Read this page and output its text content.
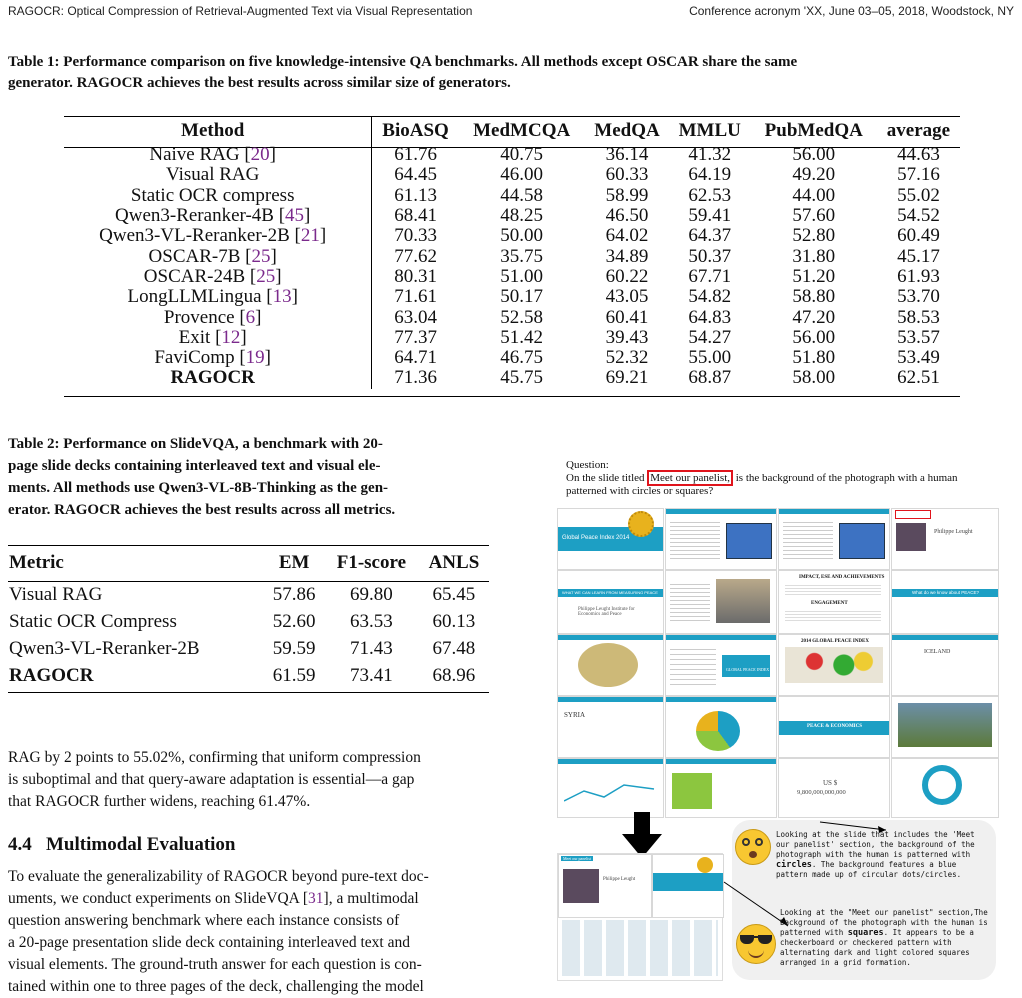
RAGOCR: Optical Compression of Retrieval-Augmented Text via Visual Representation	Conference acronym 'XX, June 03–05, 2018, Woodstock, NY
Table 1: Performance comparison on five knowledge-intensive QA benchmarks. All methods except OSCAR share the same
generator. RAGOCR achieves the best results across similar size of generators.
Method	BioASQ	MedMCQA	MedQA	MMLU	PubMedQA	average
Naive RAG [20]	61.76	40.75	36.14	41.32	56.00	44.63
Visual RAG	64.45	46.00	60.33	64.19	49.20	57.16
Static OCR compress	61.13	44.58	58.99	62.53	44.00	55.02
Qwen3-Reranker-4B [45]	68.41	48.25	46.50	59.41	57.60	54.52
Qwen3-VL-Reranker-2B [21]	70.33	50.00	64.02	64.37	52.80	60.49
OSCAR-7B [25]	77.62	35.75	34.89	50.37	31.80	45.17
OSCAR-24B [25]	80.31	51.00	60.22	67.71	51.20	61.93
LongLLMLingua [13]	71.61	50.17	43.05	54.82	58.80	53.70
Provence [6]	63.04	52.58	60.41	64.83	47.20	58.53
Exit [12]	77.37	51.42	39.43	54.27	56.00	53.57
FaviComp [19]	64.71	46.75	52.32	55.00	51.80	53.49
RAGOCR	71.36	45.75	69.21	68.87	58.00	62.51
Table 2: Performance on SlideVQA, a benchmark with 20-
page slide decks containing interleaved text and visual ele-
ments. All methods use Qwen3-VL-8B-Thinking as the gen-
erator. RAGOCR achieves the best results across all metrics.
Metric	EM	F1-score	ANLS
Visual RAG	57.86	69.80	65.45
Static OCR Compress	52.60	63.53	60.13
Qwen3-VL-Reranker-2B	59.59	71.43	67.48
RAGOCR	61.59	73.41	68.96
RAG by 2 points to 55.02%, confirming that uniform compression
is suboptimal and that query-aware adaptation is essential—a gap
that RAGOCR further widens, reaching 61.47%.
4.4 Multimodal Evaluation
To evaluate the generalizability of RAGOCR beyond pure-text doc-
uments, we conduct experiments on SlideVQA [31], a multimodal
question answering benchmark where each instance consists of
a 20-page presentation slide deck containing interleaved text and
visual elements. The ground-truth answer for each question is con-
tained within one to three pages of the deck, challenging the model
Question:
On the slide titled Meet our panelist, is the background of the photograph with a human
patterned with circles or squares?
Global Peace Index 2014
Philippe Leught
WHAT WE CAN LEARN FROM MEASURING PEACE
Philippe Leught Institute for Economics and Peace
IMPACT, ESE AND ACHIEVEMENTS
ENGAGEMENT
What do we know about PEACE?
GLOBAL PEACE INDEX
2014 GLOBAL PEACE INDEX	MOST PEACEFUL COUNTRIES
ICELAND
LEAST PEACEFUL COUNTRIES
SYRIA
GLOBAL POPULATION BY PEACE
PEACE & ECONOMICS
PEACE AND ECONOMIC PERFORMANCE - MEXICO	The Cost of Violence
US $
9,800,000,000,000
Meet our panelist
Philippe Leught
Looking at the slide that includes the 'Meet our panelist' section, the background of the photograph with the human is patterned with circles. The background features a blue pattern made up of circular dots/circles.
Looking at the "Meet our panelist" section,The background of the photograph with the human is patterned with squares. It appears to be a checkerboard or checkered pattern with alternating dark and light colored squares arranged in a grid formation.
